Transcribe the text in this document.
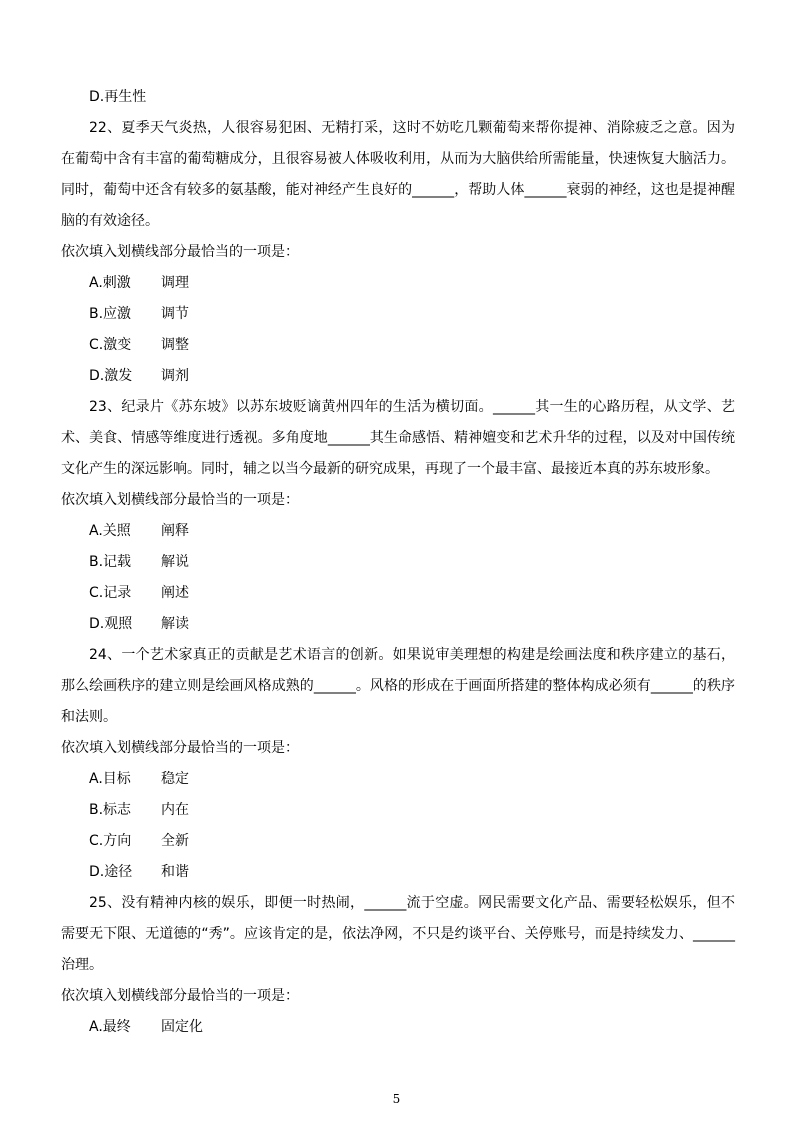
D.再生性
22、夏季天气炎热，人很容易犯困、无精打采，这时不妨吃几颗葡萄来帮你提神、消除疲乏之意。因为在葡萄中含有丰富的葡萄糖成分，且很容易被人体吸收利用，从而为大脑供给所需能量，快速恢复大脑活力。同时，葡萄中还含有较多的氨基酸，能对神经产生良好的______，帮助人体______衰弱的神经，这也是提神醒脑的有效途径。
依次填入划横线部分最恰当的一项是：
A.刺激 调理
B.应激 调节
C.激变 调整
D.激发 调剂
23、纪录片《苏东坡》以苏东坡贬谪黄州四年的生活为横切面。______其一生的心路历程，从文学、艺术、美食、情感等维度进行透视。多角度地______其生命感悟、精神嬗变和艺术升华的过程，以及对中国传统文化产生的深远影响。同时，辅之以当今最新的研究成果，再现了一个最丰富、最接近本真的苏东坡形象。
依次填入划横线部分最恰当的一项是：
A.关照 阐释
B.记载 解说
C.记录 阐述
D.观照 解读
24、一个艺术家真正的贡献是艺术语言的创新。如果说审美理想的构建是绘画法度和秩序建立的基石，那么绘画秩序的建立则是绘画风格成熟的______。风格的形成在于画面所搭建的整体构成必须有______的秩序和法则。
依次填入划横线部分最恰当的一项是：
A.目标 稳定
B.标志 内在
C.方向 全新
D.途径 和谐
25、没有精神内核的娱乐，即便一时热闹，______流于空虚。网民需要文化产品、需要轻松娱乐，但不需要无下限、无道德的“秀”。应该肯定的是，依法净网，不只是约谈平台、关停账号，而是持续发力、______治理。
依次填入划横线部分最恰当的一项是：
A.最终 固定化
5
